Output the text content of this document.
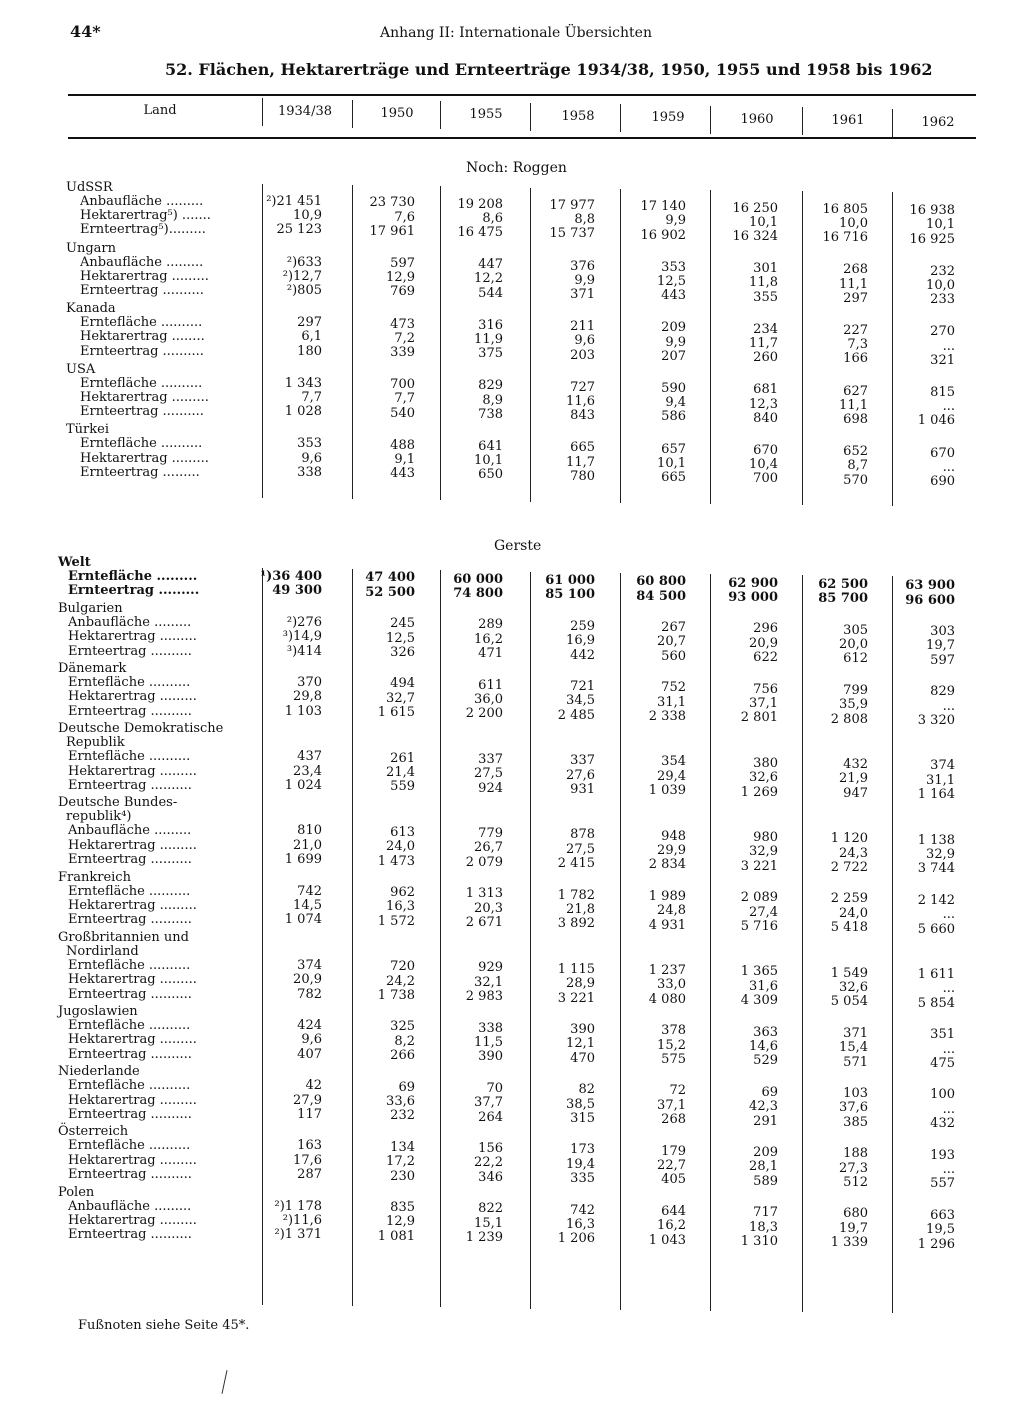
44*	Anhang II: Internationale Übersichten
52. Flächen, Hektarerträge und Ernteerträge 1934/38, 1950, 1955 und 1958 bis 1962
Land	1934/38	1950	1955	1958	1959	1960	1961	1962
Noch: Roggen
UdSSR
Anbaufläche .........	²)21 451	23 730	19 208	17 977	17 140	16 250	16 805	16 938
Hektarertrag⁵) .......	10,9	7,6	8,6	8,8	9,9	10,1	10,0	10,1
Ernteertrag⁵).........	25 123	17 961	16 475	15 737	16 902	16 324	16 716	16 925
Ungarn
Anbaufläche .........	²)633	597	447	376	353	301	268	232
Hektarertrag .........	²)12,7	12,9	12,2	9,9	12,5	11,8	11,1	10,0
Ernteertrag ..........	²)805	769	544	371	443	355	297	233
Kanada
Erntefläche ..........	297	473	316	211	209	234	227	270
Hektarertrag ........	6,1	7,2	11,9	9,6	9,9	11,7	7,3	...
Ernteertrag ..........	180	339	375	203	207	260	166	321
USA
Erntefläche ..........	1 343	700	829	727	590	681	627	815
Hektarertrag .........	7,7	7,7	8,9	11,6	9,4	12,3	11,1	...
Ernteertrag ..........	1 028	540	738	843	586	840	698	1 046
Türkei
Erntefläche ..........	353	488	641	665	657	670	652	670
Hektarertrag .........	9,6	9,1	10,1	11,7	10,1	10,4	8,7	...
Ernteertrag .........	338	443	650	780	665	700	570	690
Gerste
Welt
Erntefläche .........	¹)36 400	47 400	60 000	61 000	60 800	62 900	62 500	63 900
Ernteertrag .........	49 300	52 500	74 800	85 100	84 500	93 000	85 700	96 600
Bulgarien
Anbaufläche .........	²)276	245	289	259	267	296	305	303
Hektarertrag .........	³)14,9	12,5	16,2	16,9	20,7	20,9	20,0	19,7
Ernteertrag ..........	³)414	326	471	442	560	622	612	597
Dänemark
Erntefläche ..........	370	494	611	721	752	756	799	829
Hektarertrag .........	29,8	32,7	36,0	34,5	31,1	37,1	35,9	...
Ernteertrag ..........	1 103	1 615	2 200	2 485	2 338	2 801	2 808	3 320
Deutsche Demokratische
Republik
Erntefläche ..........	437	261	337	337	354	380	432	374
Hektarertrag .........	23,4	21,4	27,5	27,6	29,4	32,6	21,9	31,1
Ernteertrag ..........	1 024	559	924	931	1 039	1 269	947	1 164
Deutsche Bundes-
republik⁴)
Anbaufläche .........	810	613	779	878	948	980	1 120	1 138
Hektarertrag .........	21,0	24,0	26,7	27,5	29,9	32,9	24,3	32,9
Ernteertrag ..........	1 699	1 473	2 079	2 415	2 834	3 221	2 722	3 744
Frankreich
Erntefläche ..........	742	962	1 313	1 782	1 989	2 089	2 259	2 142
Hektarertrag .........	14,5	16,3	20,3	21,8	24,8	27,4	24,0	...
Ernteertrag ..........	1 074	1 572	2 671	3 892	4 931	5 716	5 418	5 660
Großbritannien und
Nordirland
Erntefläche ..........	374	720	929	1 115	1 237	1 365	1 549	1 611
Hektarertrag .........	20,9	24,2	32,1	28,9	33,0	31,6	32,6	...
Ernteertrag ..........	782	1 738	2 983	3 221	4 080	4 309	5 054	5 854
Jugoslawien
Erntefläche ..........	424	325	338	390	378	363	371	351
Hektarertrag .........	9,6	8,2	11,5	12,1	15,2	14,6	15,4	...
Ernteertrag ..........	407	266	390	470	575	529	571	475
Niederlande
Erntefläche ..........	42	69	70	82	72	69	103	100
Hektarertrag .........	27,9	33,6	37,7	38,5	37,1	42,3	37,6	...
Ernteertrag ..........	117	232	264	315	268	291	385	432
Österreich
Erntefläche ..........	163	134	156	173	179	209	188	193
Hektarertrag .........	17,6	17,2	22,2	19,4	22,7	28,1	27,3	...
Ernteertrag ..........	287	230	346	335	405	589	512	557
Polen
Anbaufläche .........	²)1 178	835	822	742	644	717	680	663
Hektarertrag .........	²)11,6	12,9	15,1	16,3	16,2	18,3	19,7	19,5
Ernteertrag ..........	²)1 371	1 081	1 239	1 206	1 043	1 310	1 339	1 296
Fußnoten siehe Seite 45*.
